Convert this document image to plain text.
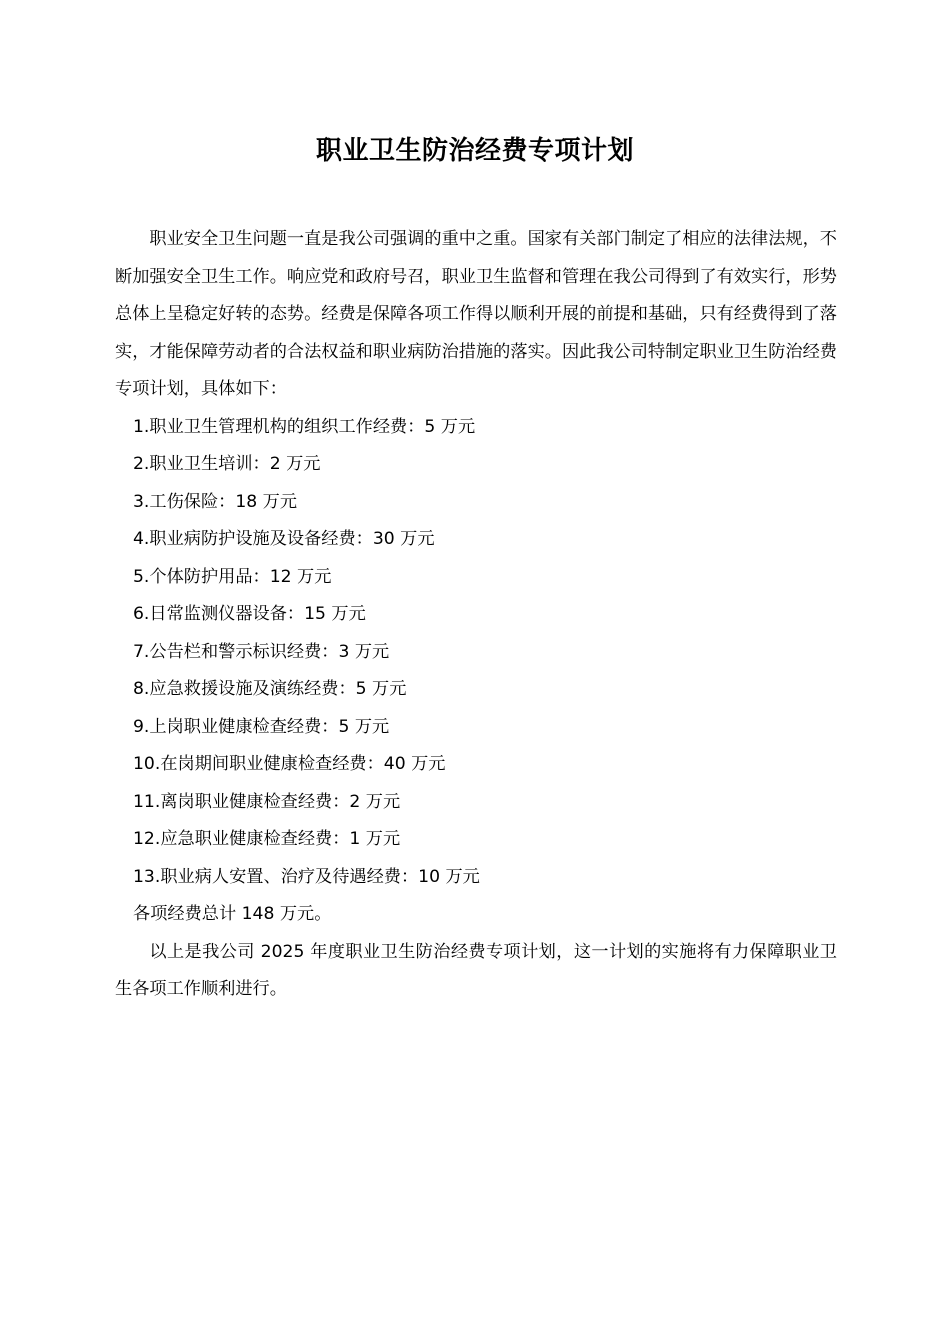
职业卫生防治经费专项计划

职业安全卫生问题一直是我公司强调的重中之重。国家有关部门制定了相应的法律法规，不断加强安全卫生工作。响应党和政府号召，职业卫生监督和管理在我公司得到了有效实行，形势总体上呈稳定好转的态势。经费是保障各项工作得以顺利开展的前提和基础，只有经费得到了落实，才能保障劳动者的合法权益和职业病防治措施的落实。因此我公司特制定职业卫生防治经费专项计划，具体如下：

1.职业卫生管理机构的组织工作经费：5 万元
2.职业卫生培训：2 万元
3.工伤保险：18 万元
4.职业病防护设施及设备经费：30 万元
5.个体防护用品：12 万元
6.日常监测仪器设备：15 万元
7.公告栏和警示标识经费：3 万元
8.应急救援设施及演练经费：5 万元
9.上岗职业健康检查经费：5 万元
10.在岗期间职业健康检查经费：40 万元
11.离岗职业健康检查经费：2 万元
12.应急职业健康检查经费：1 万元
13.职业病人安置、治疗及待遇经费：10 万元
各项经费总计 148 万元。

以上是我公司 2025 年度职业卫生防治经费专项计划，这一计划的实施将有力保障职业卫生各项工作顺利进行。
